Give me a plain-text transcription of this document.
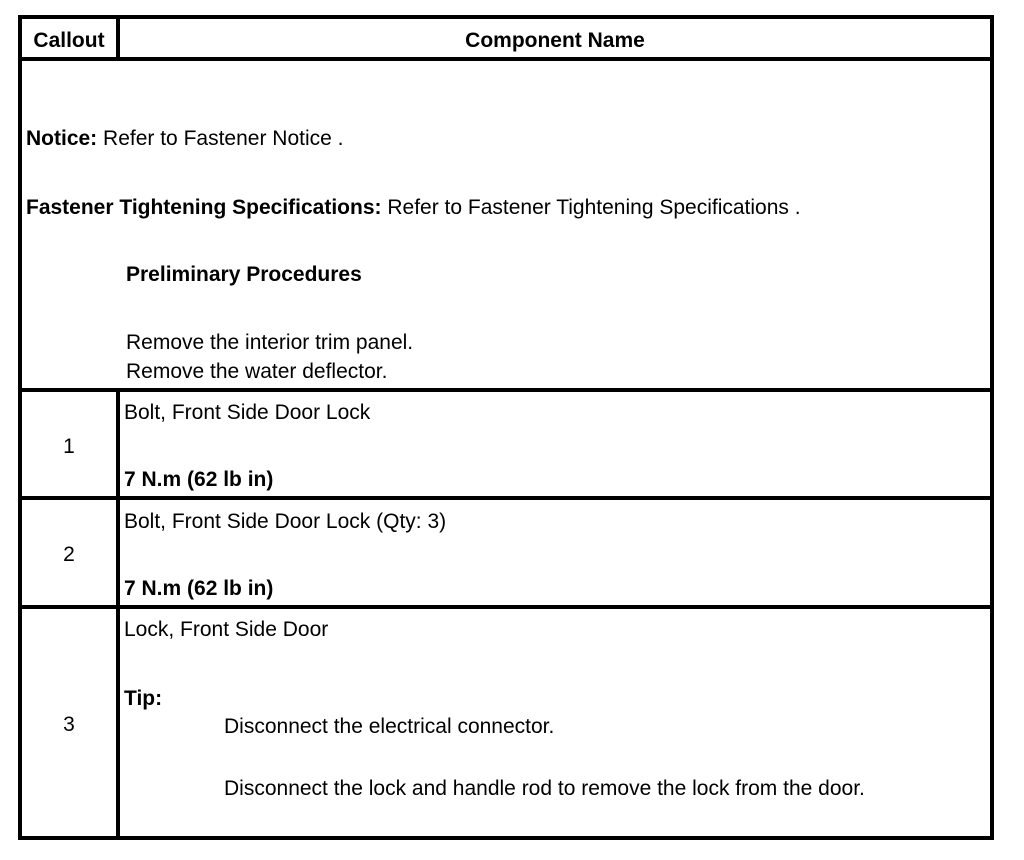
Callout	Component Name
Notice: Refer to Fastener Notice .
Fastener Tightening Specifications: Refer to Fastener Tightening Specifications .
Preliminary Procedures
Remove the interior trim panel.
Remove the water deflector.
1
Bolt, Front Side Door Lock
7 N.m (62 lb in)
2
Bolt, Front Side Door Lock (Qty: 3)
7 N.m (62 lb in)
3
Lock, Front Side Door
Tip:
Disconnect the electrical connector.
Disconnect the lock and handle rod to remove the lock from the door.
